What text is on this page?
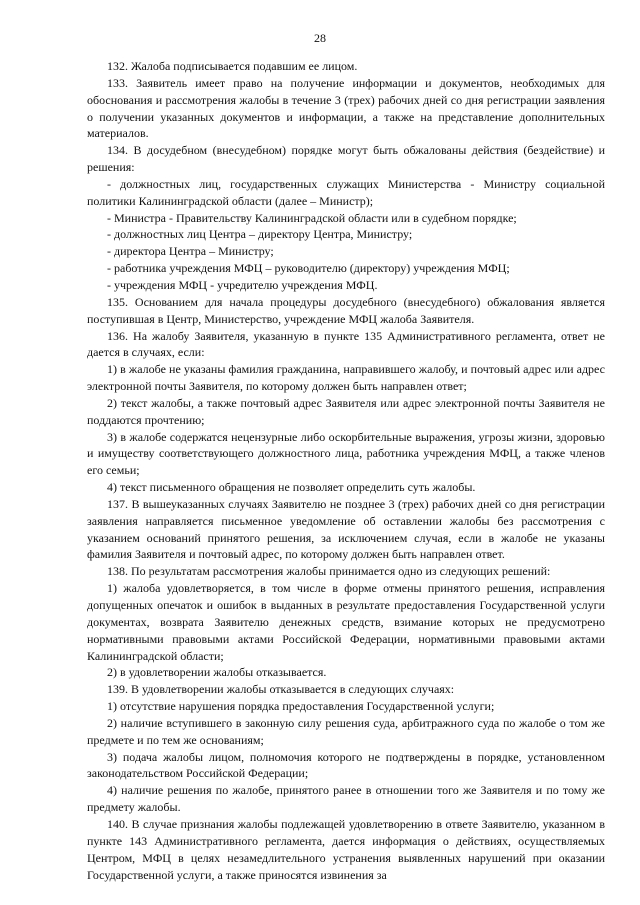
28

132. Жалоба подписывается подавшим ее лицом.

133. Заявитель имеет право на получение информации и документов, необходимых для обоснования и рассмотрения жалобы в течение 3 (трех) рабочих дней со дня регистрации заявления о получении указанных документов и информации, а также на представление дополнительных материалов.

134. В досудебном (внесудебном) порядке могут быть обжалованы действия (бездействие) и решения:

- должностных лиц, государственных служащих Министерства - Министру социальной политики Калининградской области (далее – Министр);

- Министра - Правительству Калининградской области или в судебном порядке;

- должностных лиц Центра – директору Центра, Министру;

- директора Центра – Министру;

- работника учреждения МФЦ – руководителю (директору) учреждения МФЦ;

- учреждения МФЦ - учредителю учреждения МФЦ.

135. Основанием для начала процедуры досудебного (внесудебного) обжалования является поступившая в Центр, Министерство, учреждение МФЦ жалоба Заявителя.

136. На жалобу Заявителя, указанную в пункте 135 Административного регламента, ответ не дается в случаях, если:

1) в жалобе не указаны фамилия гражданина, направившего жалобу, и почтовый адрес или адрес электронной почты Заявителя, по которому должен быть направлен ответ;

2) текст жалобы, а также почтовый адрес Заявителя или адрес электронной почты Заявителя не поддаются прочтению;

3) в жалобе содержатся нецензурные либо оскорбительные выражения, угрозы жизни, здоровью и имуществу соответствующего должностного лица, работника учреждения МФЦ, а также членов его семьи;

4) текст письменного обращения не позволяет определить суть жалобы.

137. В вышеуказанных случаях Заявителю не позднее 3 (трех) рабочих дней со дня регистрации заявления направляется письменное уведомление об оставлении жалобы без рассмотрения с указанием оснований принятого решения, за исключением случая, если в жалобе не указаны фамилия Заявителя и почтовый адрес, по которому должен быть направлен ответ.

138. По результатам рассмотрения жалобы принимается одно из следующих решений:

1) жалоба удовлетворяется, в том числе в форме отмены принятого решения, исправления допущенных опечаток и ошибок в выданных в результате предоставления Государственной услуги документах, возврата Заявителю денежных средств, взимание которых не предусмотрено нормативными правовыми актами Российской Федерации, нормативными правовыми актами Калининградской области;

2) в удовлетворении жалобы отказывается.

139. В удовлетворении жалобы отказывается в следующих случаях:

1) отсутствие нарушения порядка предоставления Государственной услуги;

2) наличие вступившего в законную силу решения суда, арбитражного суда по жалобе о том же предмете и по тем же основаниям;

3) подача жалобы лицом, полномочия которого не подтверждены в порядке, установленном законодательством Российской Федерации;

4) наличие решения по жалобе, принятого ранее в отношении того же Заявителя и по тому же предмету жалобы.

140. В случае признания жалобы подлежащей удовлетворению в ответе Заявителю, указанном в пункте 143 Административного регламента, дается информация о действиях, осуществляемых Центром, МФЦ в целях незамедлительного устранения выявленных нарушений при оказании Государственной услуги, а также приносятся извинения за
